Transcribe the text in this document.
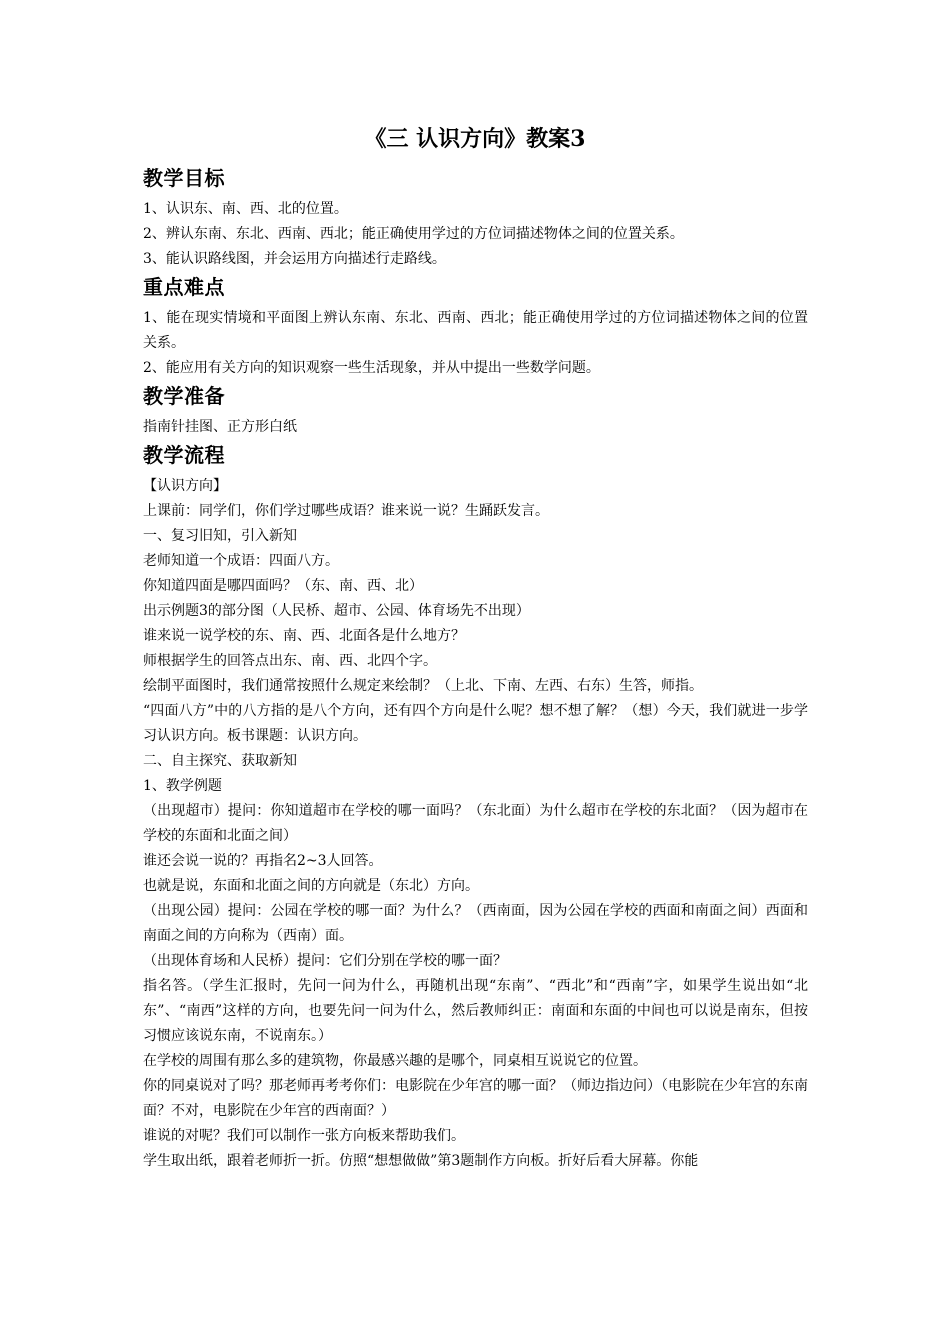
《三 认识方向》教案3
教学目标

1、认识东、南、西、北的位置。

2、辨认东南、东北、西南、西北；能正确使用学过的方位词描述物体之间的位置关系。

3、能认识路线图，并会运用方向描述行走路线。

重点难点

1、能在现实情境和平面图上辨认东南、东北、西南、西北；能正确使用学过的方位词描述物体之间的位置关系。

2、能应用有关方向的知识观察一些生活现象，并从中提出一些数学问题。

教学准备

指南针挂图、正方形白纸

教学流程

【认识方向】

上课前：同学们，你们学过哪些成语？谁来说一说？生踊跃发言。

一、复习旧知，引入新知

老师知道一个成语：四面八方。

你知道四面是哪四面吗？（东、南、西、北）

出示例题3的部分图（人民桥、超市、公园、体育场先不出现）

谁来说一说学校的东、南、西、北面各是什么地方？

师根据学生的回答点出东、南、西、北四个字。

绘制平面图时，我们通常按照什么规定来绘制？（上北、下南、左西、右东）生答，师指。

“四面八方”中的八方指的是八个方向，还有四个方向是什么呢？想不想了解？（想）今天，我们就进一步学习认识方向。板书课题：认识方向。

二、自主探究、获取新知

1、教学例题

（出现超市）提问：你知道超市在学校的哪一面吗？（东北面）为什么超市在学校的东北面？（因为超市在学校的东面和北面之间）

谁还会说一说的？再指名2~3人回答。

也就是说，东面和北面之间的方向就是（东北）方向。

（出现公园）提问：公园在学校的哪一面？为什么？（西南面，因为公园在学校的西面和南面之间）西面和南面之间的方向称为（西南）面。

（出现体育场和人民桥）提问：它们分别在学校的哪一面？

指名答。（学生汇报时，先问一问为什么，再随机出现“东南”、“西北”和“西南”字，如果学生说出如“北东”、“南西”这样的方向，也要先问一问为什么，然后教师纠正：南面和东面的中间也可以说是南东，但按习惯应该说东南，不说南东。）

在学校的周围有那么多的建筑物，你最感兴趣的是哪个，同桌相互说说它的位置。

你的同桌说对了吗？那老师再考考你们：电影院在少年宫的哪一面？（师边指边问）（电影院在少年宫的东南面？不对，电影院在少年宫的西南面？）

谁说的对呢？我们可以制作一张方向板来帮助我们。

学生取出纸，跟着老师折一折。仿照“想想做做”第3题制作方向板。折好后看大屏幕。你能
